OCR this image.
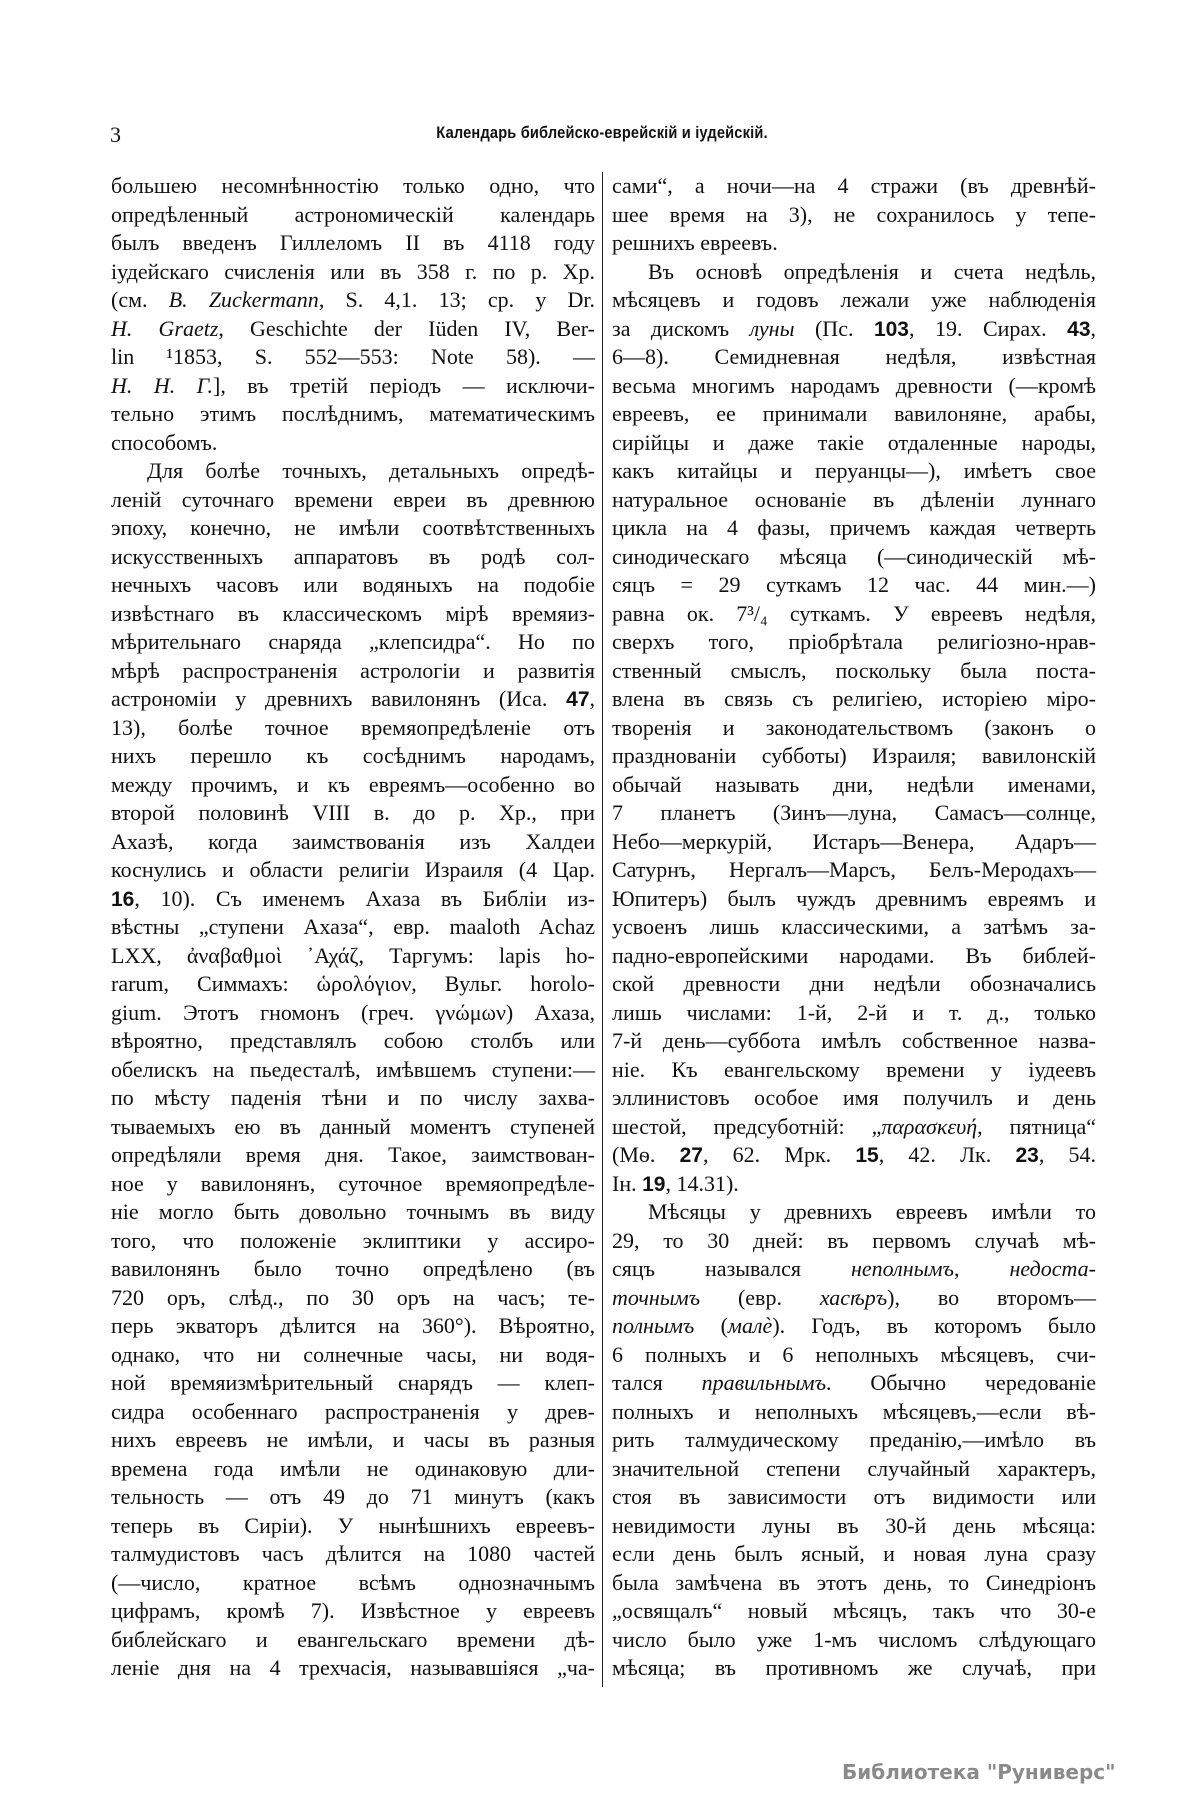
3	Календарь библейско-еврейскій и іудейскій.
большею несомнѣнностію только одно, что
опредѣленный астрономическій календарь
былъ введенъ Гиллеломъ II въ 4118 году
іудейскаго счисленія или въ 358 г. по р. Хр.
(см. B. Zuckermann, S. 4,1. 13; ср. y Dr.
H. Graetz, Geschichte der Iüden IV, Ber-
lin ¹1853, S. 552—553: Note 58). —
Н. Н. Г.], въ третій періодъ — исключи-
тельно этимъ послѣднимъ, математическимъ
способомъ.
Для болѣе точныхъ, детальныхъ опредѣ-
леній суточнаго времени евреи въ древнюю
эпоху, конечно, не имѣли соотвѣтственныхъ
искусственныхъ аппаратовъ въ родѣ сол-
нечныхъ часовъ или водяныхъ на подобіе
извѣстнаго въ классическомъ мірѣ времяиз-
мѣрительнаго снаряда „клепсидра“. Но по
мѣрѣ распространенія астрологіи и развитія
астрономіи у древнихъ вавилонянъ (Иса. 47,
13), болѣе точное времяопредѣленіе отъ
нихъ перешло къ сосѣднимъ народамъ,
между прочимъ, и къ евреямъ—особенно во
второй половинѣ VIII в. до р. Хр., при
Ахазѣ, когда заимствованія изъ Халдеи
коснулись и области религіи Израиля (4 Цар.
16, 10). Съ именемъ Ахаза въ Библіи из-
вѣстны „ступени Ахаза“, евр. maaloth Achaz
LXX, ἀναβαθμοὶ ᾿Αχάζ, Таргумъ: lapis ho-
rarum, Симмахъ: ὡρολόγιον, Вульг. horolo-
gium. Этотъ гномонъ (греч. γνώμων) Ахаза,
вѣроятно, представлялъ собою столбъ или
обелискъ на пьедесталѣ, имѣвшемъ ступени:—
по мѣсту паденія тѣни и по числу захва-
тываемыхъ ею въ данный моментъ ступеней
опредѣляли время дня. Такое, заимствован-
ное у вавилонянъ, суточное времяопредѣле-
ніе могло быть довольно точнымъ въ виду
того, что положеніе эклиптики у ассиро-
вавилонянъ было точно опредѣлено (въ
720 оръ, слѣд., по 30 оръ на часъ; те-
перь экваторъ дѣлится на 360°). Вѣроятно,
однако, что ни солнечные часы, ни водя-
ной времяизмѣрительный снарядъ — клеп-
сидра особеннаго распространенія у древ-
нихъ евреевъ не имѣли, и часы въ разныя
времена года имѣли не одинаковую дли-
тельность — отъ 49 до 71 минутъ (какъ
теперь въ Сиріи). У нынѣшнихъ евреевъ-
талмудистовъ часъ дѣлится на 1080 частей
(—число, кратное всѣмъ однозначнымъ
цифрамъ, кромѣ 7). Извѣстное у евреевъ
библейскаго и евангельскаго времени дѣ-
леніе дня на 4 трехчасія, называвшіяся „ча-
сами“, а ночи—на 4 стражи (въ древнѣй-
шее время на 3), не сохранилось у тепе-
решнихъ евреевъ.
Въ основѣ опредѣленія и счета недѣль,
мѣсяцевъ и годовъ лежали уже наблюденія
за дискомъ луны (Пс. 103, 19. Сирах. 43,
6—8). Семидневная недѣля, извѣстная
весьма многимъ народамъ древности (—кромѣ
евреевъ, ее принимали вавилоняне, арабы,
сирійцы и даже такіе отдаленные народы,
какъ китайцы и перуанцы—), имѣетъ свое
натуральное основаніе въ дѣленіи луннаго
цикла на 4 фазы, причемъ каждая четверть
синодическаго мѣсяца (—синодическій мѣ-
сяцъ = 29 суткамъ 12 час. 44 мин.—)
равна ок. 7³/₄ суткамъ. У евреевъ недѣля,
сверхъ того, пріобрѣтала религіозно-нрав-
ственный смыслъ, поскольку была поста-
влена въ связь съ религіею, исторіею міро-
творенія и законодательствомъ (законъ о
празднованіи субботы) Израиля; вавилонскій
обычай называть дни, недѣли именами,
7 планетъ (Зинъ—луна, Самасъ—солнце,
Небо—меркурій, Истаръ—Венера, Адаръ—
Сатурнъ, Нергалъ—Марсъ, Белъ-Меродахъ—
Юпитеръ) былъ чуждъ древнимъ евреямъ и
усвоенъ лишь классическими, а затѣмъ за-
падно-европейскими народами. Въ библей-
ской древности дни недѣли обозначались
лишь числами: 1-й, 2-й и т. д., только
7-й день—суббота имѣлъ собственное назва-
ніе. Къ евангельскому времени у іудеевъ
эллинистовъ особое имя получилъ и день
шестой, предсуботній: „παρασκευή, пятница“
(Мѳ. 27, 62. Мрк. 15, 42. Лк. 23, 54.
Ін. 19, 14.31).
Мѣсяцы у древнихъ евреевъ имѣли то
29, то 30 дней: въ первомъ случаѣ мѣ-
сяцъ назывался неполнымъ, недоста-
точнымъ (евр. хасѣръ), во второмъ—
полнымъ (малѐ). Годъ, въ которомъ было
6 полныхъ и 6 неполныхъ мѣсяцевъ, счи-
тался правильнымъ. Обычно чередованіе
полныхъ и неполныхъ мѣсяцевъ,—если вѣ-
рить талмудическому преданію,—имѣло въ
значительной степени случайный характеръ,
стоя въ зависимости отъ видимости или
невидимости луны въ 30-й день мѣсяца:
если день былъ ясный, и новая луна сразу
была замѣчена въ этотъ день, то Синедріонъ
„освящалъ“ новый мѣсяцъ, такъ что 30-е
число было уже 1-мъ числомъ слѣдующаго
мѣсяца; въ противномъ же случаѣ, при
Библиотека "Руниверс"
